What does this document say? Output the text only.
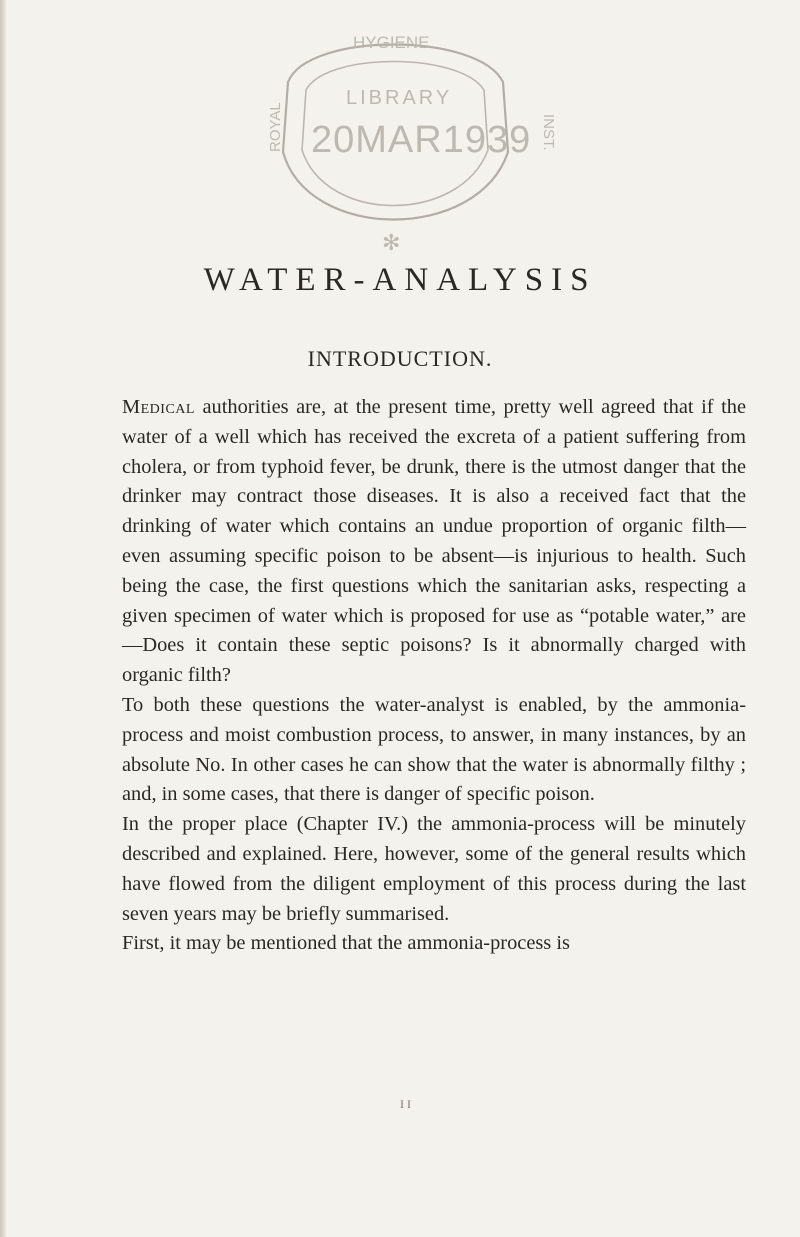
HYGIENE
LIBRARY
20MAR1939
ROYAL	INST.
✻
WATER-ANALYSIS
INTRODUCTION.

Medical authorities are, at the present time, pretty well agreed that if the water of a well which has received the excreta of a patient suffering from cholera, or from typhoid fever, be drunk, there is the utmost danger that the drinker may contract those diseases. It is also a received fact that the drinking of water which contains an undue proportion of organic filth—even assuming specific poison to be absent—is injurious to health. Such being the case, the first questions which the sanitarian asks, respecting a given specimen of water which is proposed for use as “potable water,” are—Does it contain these septic poisons? Is it abnormally charged with organic filth?

To both these questions the water-analyst is enabled, by the ammonia-process and moist combustion process, to answer, in many instances, by an absolute No. In other cases he can show that the water is abnormally filthy ; and, in some cases, that there is danger of specific poison.

In the proper place (Chapter IV.) the ammonia-process will be minutely described and explained. Here, however, some of the general results which have flowed from the diligent employment of this process during the last seven years may be briefly summarised.

First, it may be mentioned that the ammonia-process is

I I
